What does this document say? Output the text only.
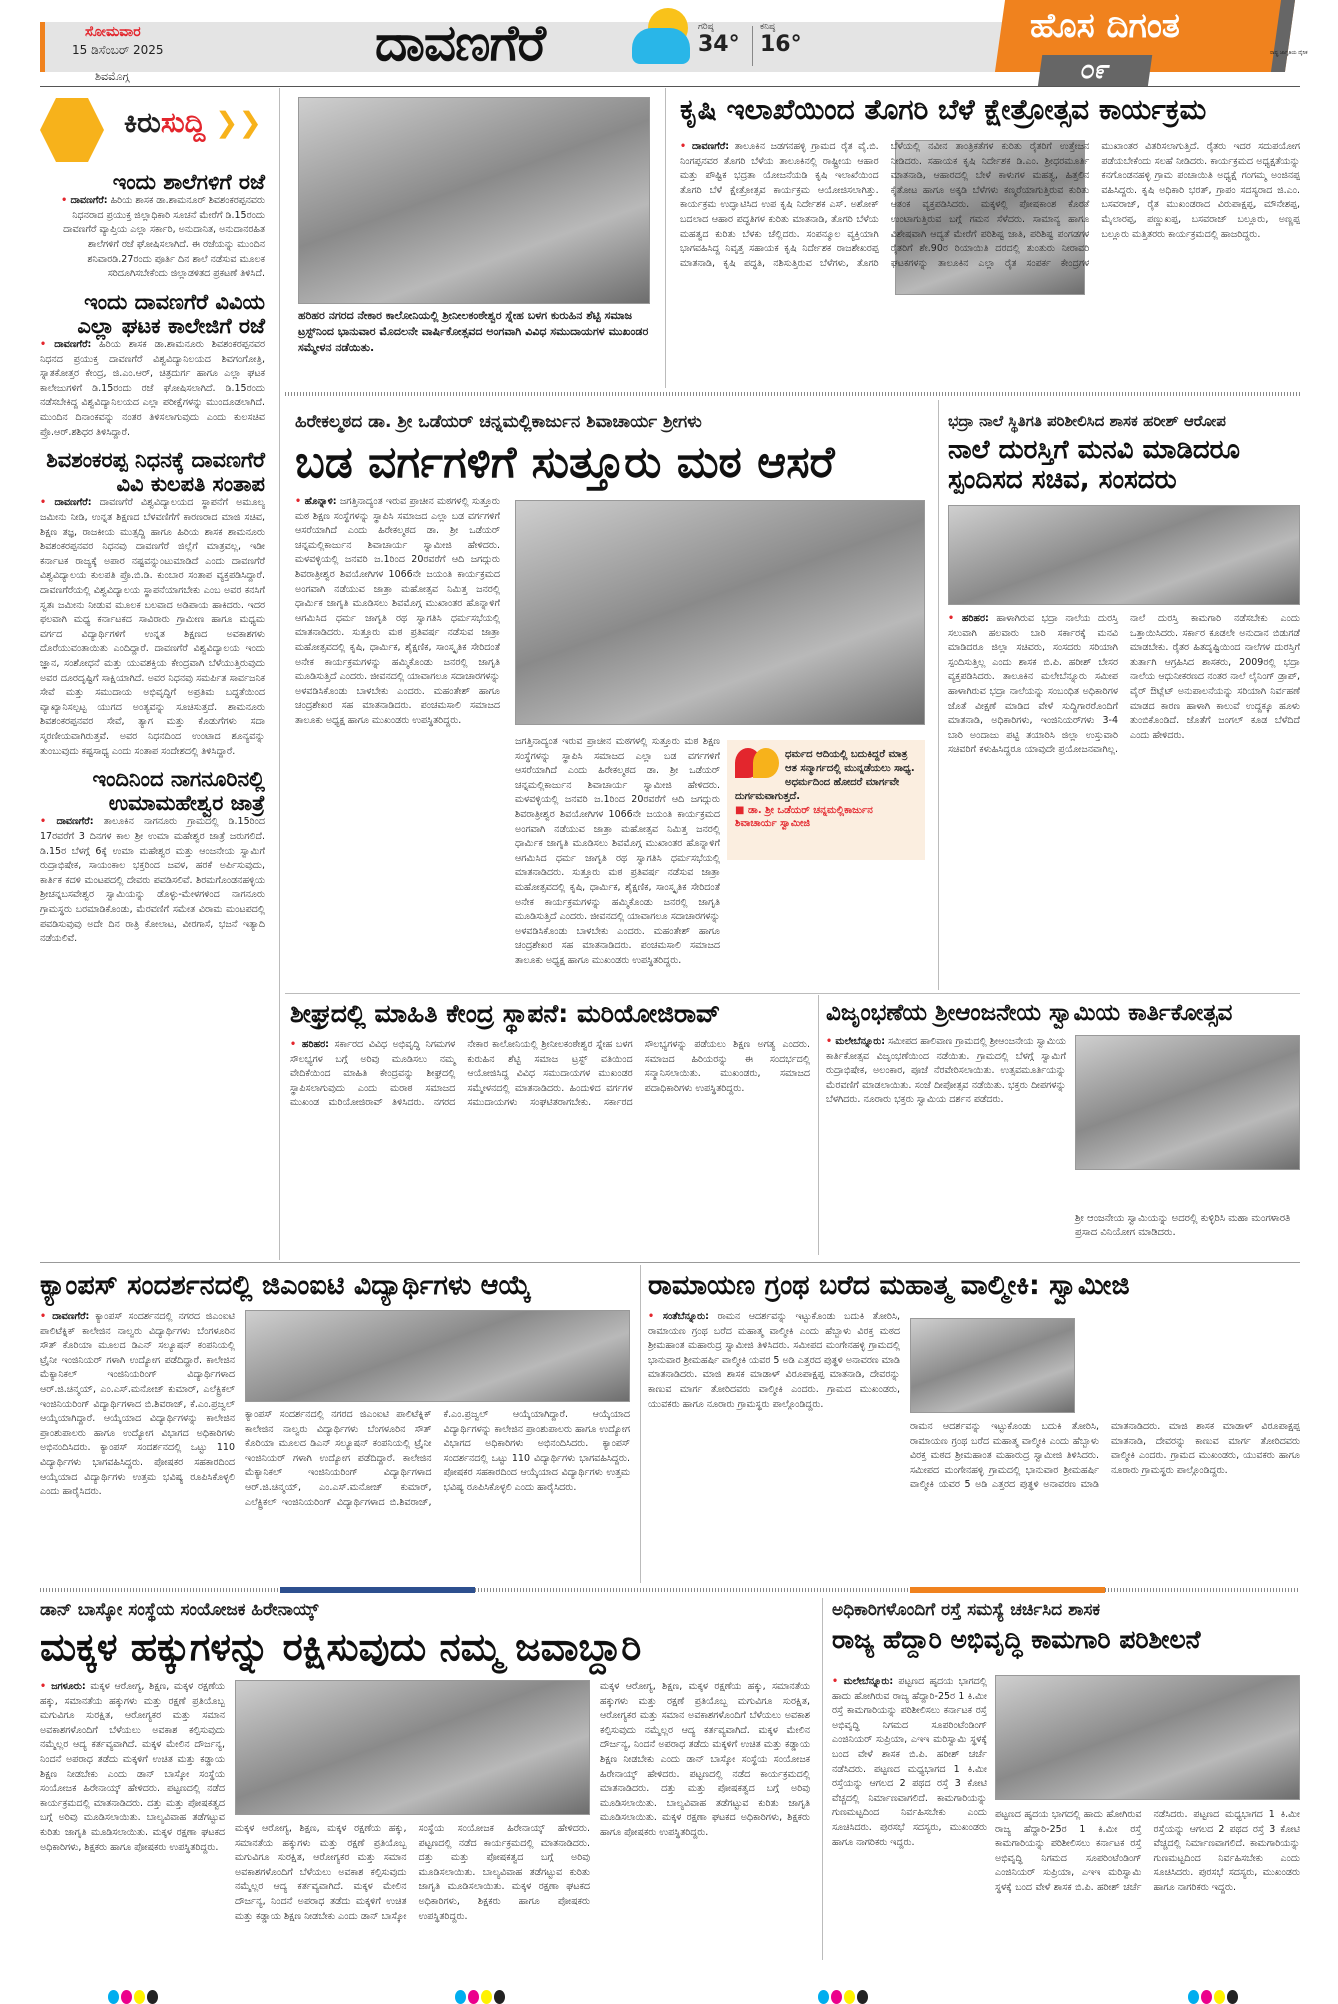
ಸೋಮವಾರ
15 ಡಿಸೆಂಬರ್ 2025
ಶಿವಮೊಗ್ಗ
ದಾವಣಗೆರೆ	ಗರಿಷ್ಠ
34°
ಕನಿಷ್ಠ
16°	ಹೊಸ ದಿಗಂತ
ರಾಷ್ಟ್ರ ಜಾಗೃತಿಯ ದೈನಿಕ
೦೯
ಕಿರುಸುದ್ದಿ ❯❯
ಇಂದು ಶಾಲೆಗಳಿಗೆ ರಜೆ
• ದಾವಣಗೆರೆ: ಹಿರಿಯ ಶಾಸಕ ಡಾ.ಶಾಮನೂರ್ ಶಿವಶಂಕರಪ್ಪನವರು ನಿಧನರಾದ ಪ್ರಯುಕ್ತ ಜಿಲ್ಲಾಧಿಕಾರಿ ಸೂಚನೆ ಮೇರೆಗೆ ಡಿ.15ರಂದು ದಾವಣಗೆರೆ ವ್ಯಾಪ್ತಿಯ ಎಲ್ಲಾ ಸರ್ಕಾರಿ, ಅನುದಾನಿತ, ಅನುದಾನರಹಿತ ಶಾಲೆಗಳಿಗೆ ರಜೆ ಘೋಷಿಸಲಾಗಿದೆ. ಈ ರಜೆಯನ್ನು ಮುಂದಿನ ಶನಿವಾರಡಿ.27ರಂದು ಪೂರ್ತಿ ದಿನ ಶಾಲೆ ನಡೆಸುವ ಮೂಲಕ ಸರಿದೂಗಿಸಬೇಕೆಂದು ಜಿಲ್ಲಾಡಳಿತದ ಪ್ರಕಟಣೆ ತಿಳಿಸಿದೆ.
ಇಂದು ದಾವಣಗೆರೆ ವಿವಿಯ ಎಲ್ಲಾ ಘಟಕ ಕಾಲೇಜಿಗೆ ರಜೆ
• ದಾವಣಗೆರೆ: ಹಿರಿಯ ಶಾಸಕ ಡಾ.ಶಾಮನೂರು ಶಿವಶಂಕರಪ್ಪನವರ ನಿಧನದ ಪ್ರಯುಕ್ತ ದಾವಣಗೆರೆ ವಿಶ್ವವಿದ್ಯಾನಿಲಯದ ಶಿವಗಂಗೋತ್ರಿ, ಸ್ನಾತಕೋತ್ತರ ಕೇಂದ್ರ, ಜಿ.ಎಂ.ಆರ್, ಚಿತ್ರದುರ್ಗ ಹಾಗೂ ಎಲ್ಲಾ ಘಟಕ ಕಾಲೇಜುಗಳಿಗೆ ಡಿ.15ರಂದು ರಜೆ ಘೋಷಿಸಲಾಗಿದೆ. ಡಿ.15ರಂದು ನಡೆಸಬೇಕಿದ್ದ ವಿಶ್ವವಿದ್ಯಾನಿಲಯದ ಎಲ್ಲಾ ಪರೀಕ್ಷೆಗಳನ್ನು ಮುಂದೂಡಲಾಗಿದೆ. ಮುಂದಿನ ದಿನಾಂಕವನ್ನು ನಂತರ ತಿಳಿಸಲಾಗುವುದು ಎಂದು ಕುಲಸಚಿವ ಪ್ರೊ.ಆರ್.ಶಶಿಧರ ತಿಳಿಸಿದ್ದಾರೆ.
ಶಿವಶಂಕರಪ್ಪ ನಿಧನಕ್ಕೆ ದಾವಣಗೆರೆ ವಿವಿ ಕುಲಪತಿ ಸಂತಾಪ
• ದಾವಣಗೆರೆ: ದಾವಣಗೆರೆ ವಿಶ್ವವಿದ್ಯಾಲಯದ ಸ್ಥಾಪನೆಗೆ ಅಮೂಲ್ಯ ಜಮೀನು ನೀಡಿ, ಉನ್ನತ ಶಿಕ್ಷಣದ ಬೆಳವಣಿಗೆಗೆ ಕಾರಣರಾದ ಮಾಜಿ ಸಚಿವ, ಶಿಕ್ಷಣ ತಜ್ಞ, ರಾಜಕೀಯ ಮುತ್ಸದ್ದಿ ಹಾಗೂ ಹಿರಿಯ ಶಾಸಕ ಶಾಮನೂರು ಶಿವಶಂಕರಪ್ಪನವರ ನಿಧನವು ದಾವಣಗೆರೆ ಜಿಲ್ಲೆಗೆ ಮಾತ್ರವಲ್ಲ, ಇಡೀ ಕರ್ನಾಟಕ ರಾಜ್ಯಕ್ಕೆ ಅಪಾರ ನಷ್ಟವನ್ನುಂಟುಮಾಡಿದೆ ಎಂದು ದಾವಣಗೆರೆ ವಿಶ್ವವಿದ್ಯಾಲಯ ಕುಲಪತಿ ಪ್ರೊ.ಬಿ.ಡಿ. ಕುಂಬಾರ ಸಂತಾಪ ವ್ಯಕ್ತಪಡಿಸಿದ್ದಾರೆ. ದಾವಣಗೆರೆಯಲ್ಲಿ ವಿಶ್ವವಿದ್ಯಾಲಯ ಸ್ಥಾಪನೆಯಾಗಬೇಕು ಎಂಬ ಅವರ ಕನಸಿಗೆ ಸ್ವತಃ ಜಮೀನು ನೀಡುವ ಮೂಲಕ ಬಲವಾದ ಅಡಿಪಾಯ ಹಾಕಿದರು. ಇದರ ಫಲವಾಗಿ ಮಧ್ಯ ಕರ್ನಾಟಕದ ಸಾವಿರಾರು ಗ್ರಾಮೀಣ ಹಾಗೂ ಮಧ್ಯಮ ವರ್ಗದ ವಿದ್ಯಾರ್ಥಿಗಳಿಗೆ ಉನ್ನತ ಶಿಕ್ಷಣದ ಅವಕಾಶಗಳು ದೊರೆಯುವಂತಾಯಿತು ಎಂದಿದ್ದಾರೆ. ದಾವಣಗೆರೆ ವಿಶ್ವವಿದ್ಯಾಲಯ ಇಂದು ಜ್ಞಾನ, ಸಂಶೋಧನೆ ಮತ್ತು ಯುವಶಕ್ತಿಯ ಕೇಂದ್ರವಾಗಿ ಬೆಳೆಯುತ್ತಿರುವುದು ಅವರ ದೂರದೃಷ್ಟಿಗೆ ಸಾಕ್ಷಿಯಾಗಿದೆ. ಅವರ ನಿಧನವು ಸಮರ್ಪಿತ ಸಾರ್ವಜನಿಕ ಸೇವೆ ಮತ್ತು ಸಮುದಾಯ ಅಭಿವೃದ್ಧಿಗೆ ಅಪ್ರತಿಮ ಬದ್ಧತೆಯಿಂದ ವ್ಯಾಖ್ಯಾನಿಸಲ್ಪಟ್ಟ ಯುಗದ ಅಂತ್ಯವನ್ನು ಸೂಚಿಸುತ್ತದೆ. ಶಾಮನೂರು ಶಿವಶಂಕರಪ್ಪನವರ ಸೇವೆ, ತ್ಯಾಗ ಮತ್ತು ಕೊಡುಗೆಗಳು ಸದಾ ಸ್ಮರಣೀಯವಾಗಿರುತ್ತವೆ. ಅವರ ನಿಧನದಿಂದ ಉಂಟಾದ ಶೂನ್ಯವನ್ನು ತುಂಬುವುದು ಕಷ್ಟಸಾಧ್ಯ ಎಂದು ಸಂತಾಪ ಸಂದೇಶದಲ್ಲಿ ತಿಳಿಸಿದ್ದಾರೆ.
ಇಂದಿನಿಂದ ನಾಗನೂರಿನಲ್ಲಿ ಉಮಾಮಹೇಶ್ವರ ಜಾತ್ರೆ
• ದಾವಣಗೆರೆ: ತಾಲೂಕಿನ ನಾಗನೂರು ಗ್ರಾಮದಲ್ಲಿ ಡಿ.15ರಿಂದ 17ರವರೆಗೆ 3 ದಿನಗಳ ಕಾಲ ಶ್ರೀ ಉಮಾ ಮಹೇಶ್ವರ ಜಾತ್ರೆ ಜರುಗಲಿದೆ. ಡಿ.15ರ ಬೆಳಗ್ಗೆ 6ಕ್ಕೆ ಉಮಾ ಮಹೇಶ್ವರ ಮತ್ತು ಆಂಜನೇಯ ಸ್ವಾಮಿಗೆ ರುದ್ರಾಭಿಷೇಕ, ಸಾಯಂಕಾಲ ಭಕ್ತರಿಂದ ಜವಳ, ಹರಕೆ ಅರ್ಪಿಸುವುದು, ಕಾರ್ತಿಕ ಕದಳಿ ಮಂಟಪದಲ್ಲಿ ದೇವರು ಪವಡಿಸಲಿವೆ. ಶಿರಮಗೊಂಡನಹಳ್ಳಿಯ ಶ್ರೀಚನ್ನಬಸವೇಶ್ವರ ಸ್ವಾಮಿಯನ್ನು ಡೊಳ್ಳು-ಮೇಳಗಳಿಂದ ನಾಗನೂರು ಗ್ರಾಮಸ್ಥರು ಬರಮಾಡಿಕೊಂಡು, ಮೆರವಣಿಗೆ ಸಮೇತ ವಿರಾಮ ಮಂಟಪದಲ್ಲಿ ಪವಡಿಸುವುವು ಅದೇ ದಿನ ರಾತ್ರಿ ಕೋಲಾಟ, ವೀರಗಾಸೆ, ಭಜನೆ ಇತ್ಯಾದಿ ನಡೆಯಲಿವೆ.
ಹರಿಹರ ನಗರದ ನೇಕಾರ ಕಾಲೋನಿಯಲ್ಲಿ ಶ್ರೀನೀಲಕಂಠೇಶ್ವರ ಸ್ನೇಹ ಬಳಗ ಕುರುಹಿನ ಶೆಟ್ಟಿ ಸಮಾಜ ಟ್ರಸ್ಟ್‌ನಿಂದ ಭಾನುವಾರ ಮೊದಲನೇ ವಾರ್ಷಿಕೋತ್ಸವದ ಅಂಗವಾಗಿ ವಿವಿಧ ಸಮುದಾಯಗಳ ಮುಖಂಡರ ಸಮ್ಮೇಳನ ನಡೆಯಿತು.
ಕೃಷಿ ಇಲಾಖೆಯಿಂದ ತೊಗರಿ ಬೆಳೆ ಕ್ಷೇತ್ರೋತ್ಸವ ಕಾರ್ಯಕ್ರಮ
• ದಾವಣಗೆರೆ: ತಾಲೂಕಿನ ಜಡಗನಹಳ್ಳಿ ಗ್ರಾಮದ ರೈತ ವೈ.ಬಿ. ನಿಂಗಪ್ಪನವರ ತೊಗರಿ ಬೆಳೆಯ ತಾಲೂಕಿನಲ್ಲಿ ರಾಷ್ಟ್ರೀಯ ಆಹಾರ ಮತ್ತು ಪೌಷ್ಟಿಕ ಭದ್ರತಾ ಯೋಜನೆಯಡಿ ಕೃಷಿ ಇಲಾಖೆಯಿಂದ ತೊಗರಿ ಬೆಳೆ ಕ್ಷೇತ್ರೋತ್ಸವ ಕಾರ್ಯಕ್ರಮ ಆಯೋಜಿಸಲಾಗಿತ್ತು. ಕಾರ್ಯಕ್ರಮ ಉದ್ಘಾಟಿಸಿದ ಉಪ ಕೃಷಿ ನಿರ್ದೇಶಕ ಎಸ್. ಅಶೋಕ್ ಬದಲಾದ ಆಹಾರ ಪದ್ಧತಿಗಳ ಕುರಿತು ಮಾತನಾಡಿ, ತೊಗರಿ ಬೆಳೆಯ ಮಹತ್ವದ ಕುರಿತು ಬೆಳಕು ಚೆಲ್ಲಿದರು. ಸಂಪನ್ಮೂಲ ವ್ಯಕ್ತಿಯಾಗಿ ಭಾಗವಹಿಸಿದ್ದ ನಿವೃತ್ತ ಸಹಾಯಕ ಕೃಷಿ ನಿರ್ದೇಶಕ ರಾಜಶೇಖರಪ್ಪ ಮಾತನಾಡಿ, ಕೃಷಿ ಪದ್ಧತಿ, ನಶಿಸುತ್ತಿರುವ ಬೆಳೆಗಳು, ತೊಗರಿ ಬೆಳೆಯಲ್ಲಿ ನವೀನ ತಾಂತ್ರಿಕತೆಗಳ ಕುರಿತು ರೈತರಿಗೆ ಉತ್ತೇಜನ ನೀಡಿದರು. ಸಹಾಯಕ ಕೃಷಿ ನಿರ್ದೇಶಕ ಡಿ.ಎಂ. ಶ್ರೀಧರಮೂರ್ತಿ ಮಾತನಾಡಿ, ಆಹಾರದಲ್ಲಿ ಬೇಳೆ ಕಾಳುಗಳ ಮಹತ್ವ, ಹಿತ್ತಲಿನ ಕೈತೋಟ ಹಾಗೂ ಅಕ್ಕಡಿ ಬೆಳೆಗಳು ಕಣ್ಮರೆಯಾಗುತ್ತಿರುವ ಕುರಿತು ಆತಂಕ ವ್ಯಕ್ತಪಡಿಸಿದರು. ಮಕ್ಕಳಲ್ಲಿ ಪೋಷಕಾಂಶ ಕೊರತೆ ಉಂಟಾಗುತ್ತಿರುವ ಬಗ್ಗೆ ಗಮನ ಸೆಳೆದರು. ಸಾಮಾನ್ಯ ಹಾಗೂ ವಿಶೇಷವಾಗಿ ಆದ್ಯತೆ ಮೇರೆಗೆ ಪರಿಶಿಷ್ಟ ಜಾತಿ, ಪರಿಶಿಷ್ಟ ಪಂಗಡಗಳ ರೈತರಿಗೆ ಶೇ.90ರ ರಿಯಾಯಿತಿ ದರದಲ್ಲಿ ತುಂತುರು ನೀರಾವರಿ ಘಟಕಗಳನ್ನು ತಾಲೂಕಿನ ಎಲ್ಲಾ ರೈತ ಸಂಪರ್ಕ ಕೇಂದ್ರಗಳ ಮುಖಾಂತರ ವಿತರಿಸಲಾಗುತ್ತಿದೆ. ರೈತರು ಇದರ ಸದುಪಯೋಗ ಪಡೆಯಬೇಕೆಂದು ಸಲಹೆ ನೀಡಿದರು. ಕಾರ್ಯಕ್ರಮದ ಅಧ್ಯಕ್ಷತೆಯನ್ನು ಕನಗೊಂಡನಹಳ್ಳಿ ಗ್ರಾಮ ಪಂಚಾಯಿತಿ ಅಧ್ಯಕ್ಷೆ ಗಂಗಮ್ಮ ಅಂಜಿನಪ್ಪ ವಹಿಸಿದ್ದರು. ಕೃಷಿ ಅಧಿಕಾರಿ ಭರತ್, ಗ್ರಾಪಂ ಸದಸ್ಯರಾದ ಜಿ.ಎಂ. ಬಸವರಾಜ್, ರೈತ ಮುಖಂಡರಾದ ವಿರುಪಾಕ್ಷಪ್ಪ, ಮೌನೇಶಪ್ಪ, ಮೈಲಾರಪ್ಪ, ಪಣ್ಣುಖಪ್ಪ, ಬಸವರಾಜ್ ಬಲ್ಲೂರು, ಅಣ್ಣಪ್ಪ ಬಲ್ಲೂರು ಮತ್ತಿತರರು ಕಾರ್ಯಕ್ರಮದಲ್ಲಿ ಹಾಜರಿದ್ದರು.
ಹಿರೇಕಲ್ಮಠದ ಡಾ. ಶ್ರೀ ಒಡೆಯರ್ ಚನ್ನಮಲ್ಲಿಕಾರ್ಜುನ ಶಿವಾಚಾರ್ಯ ಶ್ರೀಗಳು
ಬಡ ವರ್ಗಗಳಿಗೆ ಸುತ್ತೂರು ಮಠ ಆಸರೆ
• ಹೊನ್ನಾಳಿ: ಜಗತ್ತಿನಾದ್ಯಂತ ಇರುವ ಪ್ರಾಚೀನ ಮಠಗಳಲ್ಲಿ ಸುತ್ತೂರು ಮಠ ಶಿಕ್ಷಣ ಸಂಸ್ಥೆಗಳನ್ನು ಸ್ಥಾಪಿಸಿ ಸಮಾಜದ ಎಲ್ಲಾ ಬಡ ವರ್ಗಗಳಿಗೆ ಆಸರೆಯಾಗಿದೆ ಎಂದು ಹಿರೇಕಲ್ಮಠದ ಡಾ. ಶ್ರೀ ಒಡೆಯರ್ ಚನ್ನಮಲ್ಲಿಕಾರ್ಜುನ ಶಿವಾಚಾರ್ಯ ಸ್ವಾಮೀಜಿ ಹೇಳಿದರು. ಮಳವಳ್ಳಿಯಲ್ಲಿ ಜನವರಿ ಜ.1ರಿಂದ 20ರವರೆಗೆ ಆದಿ ಜಗದ್ಗುರು ಶಿವರಾತ್ರೀಶ್ವರ ಶಿವಯೋಗಿಗಳ 1066ನೇ ಜಯಂತಿ ಕಾರ್ಯಕ್ರಮದ ಅಂಗವಾಗಿ ನಡೆಯುವ ಜಾತ್ರಾ ಮಹೋತ್ಸವ ನಿಮಿತ್ತ ಜನರಲ್ಲಿ ಧಾರ್ಮಿಕ ಜಾಗೃತಿ ಮೂಡಿಸಲು ಶಿವಮೊಗ್ಗ ಮುಖಾಂತರ ಹೊನ್ನಾಳಿಗೆ ಆಗಮಿಸಿದ ಧರ್ಮ ಜಾಗೃತಿ ರಥ ಸ್ವಾಗತಿಸಿ ಧರ್ಮಸಭೆಯಲ್ಲಿ ಮಾತನಾಡಿದರು. ಸುತ್ತೂರು ಮಠ ಪ್ರತಿವರ್ಷ ನಡೆಸುವ ಜಾತ್ರಾ ಮಹೋತ್ಸವದಲ್ಲಿ ಕೃಷಿ, ಧಾರ್ಮಿಕ, ಶೈಕ್ಷಣಿಕ, ಸಾಂಸ್ಕೃತಿಕ ಸೇರಿದಂತೆ ಅನೇಕ ಕಾರ್ಯಕ್ರಮಗಳನ್ನು ಹಮ್ಮಿಕೊಂಡು ಜನರಲ್ಲಿ ಜಾಗೃತಿ ಮೂಡಿಸುತ್ತಿದೆ ಎಂದರು. ಜೀವನದಲ್ಲಿ ಯಾವಾಗಲೂ ಸದಾಚಾರಗಳನ್ನು ಅಳವಡಿಸಿಕೊಂಡು ಬಾಳಬೇಕು ಎಂದರು. ಮಹಂತೇಶ್ ಹಾಗೂ ಚಂದ್ರಶೇಖರ ಸಹ ಮಾತನಾಡಿದರು. ಪಂಚಮಸಾಲಿ ಸಮಾಜದ ತಾಲೂಕು ಅಧ್ಯಕ್ಷ ಹಾಗೂ ಮುಖಂಡರು ಉಪಸ್ಥಿತರಿದ್ದರು.
ಜಗತ್ತಿನಾದ್ಯಂತ ಇರುವ ಪ್ರಾಚೀನ ಮಠಗಳಲ್ಲಿ ಸುತ್ತೂರು ಮಠ ಶಿಕ್ಷಣ ಸಂಸ್ಥೆಗಳನ್ನು ಸ್ಥಾಪಿಸಿ ಸಮಾಜದ ಎಲ್ಲಾ ಬಡ ವರ್ಗಗಳಿಗೆ ಆಸರೆಯಾಗಿದೆ ಎಂದು ಹಿರೇಕಲ್ಮಠದ ಡಾ. ಶ್ರೀ ಒಡೆಯರ್ ಚನ್ನಮಲ್ಲಿಕಾರ್ಜುನ ಶಿವಾಚಾರ್ಯ ಸ್ವಾಮೀಜಿ ಹೇಳಿದರು. ಮಳವಳ್ಳಿಯಲ್ಲಿ ಜನವರಿ ಜ.1ರಿಂದ 20ರವರೆಗೆ ಆದಿ ಜಗದ್ಗುರು ಶಿವರಾತ್ರೀಶ್ವರ ಶಿವಯೋಗಿಗಳ 1066ನೇ ಜಯಂತಿ ಕಾರ್ಯಕ್ರಮದ ಅಂಗವಾಗಿ ನಡೆಯುವ ಜಾತ್ರಾ ಮಹೋತ್ಸವ ನಿಮಿತ್ತ ಜನರಲ್ಲಿ ಧಾರ್ಮಿಕ ಜಾಗೃತಿ ಮೂಡಿಸಲು ಶಿವಮೊಗ್ಗ ಮುಖಾಂತರ ಹೊನ್ನಾಳಿಗೆ ಆಗಮಿಸಿದ ಧರ್ಮ ಜಾಗೃತಿ ರಥ ಸ್ವಾಗತಿಸಿ ಧರ್ಮಸಭೆಯಲ್ಲಿ ಮಾತನಾಡಿದರು. ಸುತ್ತೂರು ಮಠ ಪ್ರತಿವರ್ಷ ನಡೆಸುವ ಜಾತ್ರಾ ಮಹೋತ್ಸವದಲ್ಲಿ ಕೃಷಿ, ಧಾರ್ಮಿಕ, ಶೈಕ್ಷಣಿಕ, ಸಾಂಸ್ಕೃತಿಕ ಸೇರಿದಂತೆ ಅನೇಕ ಕಾರ್ಯಕ್ರಮಗಳನ್ನು ಹಮ್ಮಿಕೊಂಡು ಜನರಲ್ಲಿ ಜಾಗೃತಿ ಮೂಡಿಸುತ್ತಿದೆ ಎಂದರು. ಜೀವನದಲ್ಲಿ ಯಾವಾಗಲೂ ಸದಾಚಾರಗಳನ್ನು ಅಳವಡಿಸಿಕೊಂಡು ಬಾಳಬೇಕು ಎಂದರು. ಮಹಂತೇಶ್ ಹಾಗೂ ಚಂದ್ರಶೇಖರ ಸಹ ಮಾತನಾಡಿದರು. ಪಂಚಮಸಾಲಿ ಸಮಾಜದ ತಾಲೂಕು ಅಧ್ಯಕ್ಷ ಹಾಗೂ ಮುಖಂಡರು ಉಪಸ್ಥಿತರಿದ್ದರು.
ಧರ್ಮದ ಆದಿಯಲ್ಲಿ ಬದುಕಿದ್ದರೆ ಮಾತ್ರ ಆತ ಸನ್ಮಾರ್ಗದಲ್ಲಿ ಮುನ್ನಡೆಯಲು ಸಾಧ್ಯ. ಅಧರ್ಮದಿಂದ ಹೋದರೆ ಮಾರ್ಗವೇ ದುರ್ಗಮವಾಗುತ್ತದೆ.
■ ಡಾ. ಶ್ರೀ ಒಡೆಯರ್ ಚನ್ನಮಲ್ಲಿಕಾರ್ಜುನ ಶಿವಾಚಾರ್ಯ ಸ್ವಾಮೀಜಿ
ಭದ್ರಾ ನಾಲೆ ಸ್ಥಿತಿಗತಿ ಪರಿಶೀಲಿಸಿದ ಶಾಸಕ ಹರೀಶ್ ಆರೋಪ
ನಾಲೆ ದುರಸ್ತಿಗೆ ಮನವಿ ಮಾಡಿದರೂ ಸ್ಪಂದಿಸದ ಸಚಿವ, ಸಂಸದರು
• ಹರಿಹರ: ಹಾಳಾಗಿರುವ ಭದ್ರಾ ನಾಲೆಯ ದುರಸ್ತಿ ಸಲುವಾಗಿ ಹಲವಾರು ಬಾರಿ ಸರ್ಕಾರಕ್ಕೆ ಮನವಿ ಮಾಡಿದರೂ ಜಿಲ್ಲಾ ಸಚಿವರು, ಸಂಸದರು ಸರಿಯಾಗಿ ಸ್ಪಂದಿಸುತ್ತಿಲ್ಲ ಎಂದು ಶಾಸಕ ಬಿ.ಪಿ. ಹರೀಶ್ ಬೇಸರ ವ್ಯಕ್ತಪಡಿಸಿದರು. ತಾಲೂಕಿನ ಮಲೇಬೆನ್ನೂರು ಸಮೀಪ ಹಾಳಾಗಿರುವ ಭದ್ರಾ ನಾಲೆಯನ್ನು ಸಂಬಂಧಿತ ಅಧಿಕಾರಿಗಳ ಜೊತೆ ವೀಕ್ಷಣೆ ಮಾಡಿದ ವೇಳೆ ಸುದ್ದಿಗಾರರೊಂದಿಗೆ ಮಾತನಾಡಿ, ಅಧಿಕಾರಿಗಳು, ಇಂಜಿನಿಯರ್‌ಗಳು 3-4 ಬಾರಿ ಅಂದಾಜು ಪಟ್ಟಿ ತಯಾರಿಸಿ ಜಿಲ್ಲಾ ಉಸ್ತುವಾರಿ ಸಚಿವರಿಗೆ ಕಳುಹಿಸಿದ್ದರೂ ಯಾವುದೇ ಪ್ರಯೋಜನವಾಗಿಲ್ಲ. ನಾಲೆ ದುರಸ್ತಿ ಕಾಮಗಾರಿ ನಡೆಸಬೇಕು ಎಂದು ಒತ್ತಾಯಿಸಿದರು. ಸರ್ಕಾರ ಕೂಡಲೇ ಅನುದಾನ ಬಿಡುಗಡೆ ಮಾಡಬೇಕು. ರೈತರ ಹಿತದೃಷ್ಟಿಯಿಂದ ನಾಲೆಗಳ ದುರಸ್ತಿಗೆ ತುರ್ತಾಗಿ ಆಗ್ರಹಿಸಿದ ಶಾಸಕರು, 2009ರಲ್ಲಿ ಭದ್ರಾ ನಾಲೆಯ ಆಧುನೀಕರಣದ ನಂತರ ನಾಲೆ ಲೈನಿಂಗ್ ಡ್ರಾಪ್, ವೈರ್ ಔಟ್ಲೆಟ್ ಅನುಪಾಲನೆಯನ್ನು ಸರಿಯಾಗಿ ನಿರ್ವಹಣೆ ಮಾಡದ ಕಾರಣ ಹಾಳಾಗಿ ಕಾಲುವೆ ಉದ್ದಕ್ಕೂ ಹೂಳು ತುಂಬಿಕೊಂಡಿದೆ. ಜೊತೆಗೆ ಜಂಗಲ್ ಕೂಡ ಬೆಳೆದಿದೆ ಎಂದು ಹೇಳಿದರು.
ಶೀಘ್ರದಲ್ಲಿ ಮಾಹಿತಿ ಕೇಂದ್ರ ಸ್ಥಾಪನೆ: ಮರಿಯೋಜಿರಾವ್
• ಹರಿಹರ: ಸರ್ಕಾರದ ವಿವಿಧ ಅಭಿವೃದ್ಧಿ ನಿಗಮಗಳ ಸೌಲಭ್ಯಗಳ ಬಗ್ಗೆ ಅರಿವು ಮೂಡಿಸಲು ನಮ್ಮ ವೇದಿಕೆಯಿಂದ ಮಾಹಿತಿ ಕೇಂದ್ರವನ್ನು ಶೀಘ್ರದಲ್ಲಿ ಸ್ಥಾಪಿಸಲಾಗುವುದು ಎಂದು ಮರಾಠ ಸಮಾಜದ ಮುಖಂಡ ಮರಿಯೋಜಿರಾವ್ ತಿಳಿಸಿದರು. ನಗರದ ನೇಕಾರ ಕಾಲೋನಿಯಲ್ಲಿ ಶ್ರೀನೀಲಕಂಠೇಶ್ವರ ಸ್ನೇಹ ಬಳಗ ಕುರುಹಿನ ಶೆಟ್ಟಿ ಸಮಾಜ ಟ್ರಸ್ಟ್ ವತಿಯಿಂದ ಆಯೋಜಿಸಿದ್ದ ವಿವಿಧ ಸಮುದಾಯಗಳ ಮುಖಂಡರ ಸಮ್ಮೇಳನದಲ್ಲಿ ಮಾತನಾಡಿದರು. ಹಿಂದುಳಿದ ವರ್ಗಗಳ ಸಮುದಾಯಗಳು ಸಂಘಟಿತರಾಗಬೇಕು. ಸರ್ಕಾರದ ಸೌಲಭ್ಯಗಳನ್ನು ಪಡೆಯಲು ಶಿಕ್ಷಣ ಅಗತ್ಯ ಎಂದರು. ಸಮಾಜದ ಹಿರಿಯರನ್ನು ಈ ಸಂದರ್ಭದಲ್ಲಿ ಸನ್ಮಾನಿಸಲಾಯಿತು. ಮುಖಂಡರು, ಸಮಾಜದ ಪದಾಧಿಕಾರಿಗಳು ಉಪಸ್ಥಿತರಿದ್ದರು.
ವಿಜೃಂಭಣೆಯ ಶ್ರೀಆಂಜನೇಯ ಸ್ವಾಮಿಯ ಕಾರ್ತಿಕೋತ್ಸವ
• ಮಲೇಬೆನ್ನೂರು: ಸಮೀಪದ ಹಾಲಿವಾಣ ಗ್ರಾಮದಲ್ಲಿ ಶ್ರೀಆಂಜನೇಯ ಸ್ವಾಮಿಯ ಕಾರ್ತಿಕೋತ್ಸವ ವಿಜೃಂಭಣೆಯಿಂದ ನಡೆಯಿತು. ಗ್ರಾಮದಲ್ಲಿ ಬೆಳಗ್ಗೆ ಸ್ವಾಮಿಗೆ ರುದ್ರಾಭಿಷೇಕ, ಅಲಂಕಾರ, ಪೂಜೆ ನೆರವೇರಿಸಲಾಯಿತು. ಉತ್ಸವಮೂರ್ತಿಯನ್ನು ಮೆರವಣಿಗೆ ಮಾಡಲಾಯಿತು. ಸಂಜೆ ದೀಪೋತ್ಸವ ನಡೆಯಿತು. ಭಕ್ತರು ದೀಪಗಳನ್ನು ಬೆಳಗಿದರು. ನೂರಾರು ಭಕ್ತರು ಸ್ವಾಮಿಯ ದರ್ಶನ ಪಡೆದರು.
ಶ್ರೀ ಆಂಜನೇಯ ಸ್ವಾಮಿಯನ್ನು ಅದರಲ್ಲಿ ಕುಳ್ಳಿರಿಸಿ ಮಹಾ ಮಂಗಳಾರತಿ ಪ್ರಸಾದ ವಿನಿಯೋಗ ಮಾಡಿದರು.
ಕ್ಯಾಂಪಸ್ ಸಂದರ್ಶನದಲ್ಲಿ ಜಿಎಂಐಟಿ ವಿದ್ಯಾರ್ಥಿಗಳು ಆಯ್ಕೆ
• ದಾವಣಗೆರೆ: ಕ್ಯಾಂಪಸ್ ಸಂದರ್ಶನದಲ್ಲಿ ನಗರದ ಜಿಎಂಐಟಿ ಪಾಲಿಟೆಕ್ನಿಕ್ ಕಾಲೇಜಿನ ನಾಲ್ವರು ವಿದ್ಯಾರ್ಥಿಗಳು ಬೆಂಗಳೂರಿನ ಸೌತ್ ಕೊರಿಯಾ ಮೂಲದ ಡಿಎನ್ ಸಲ್ಯೂಷನ್ ಕಂಪನಿಯಲ್ಲಿ ಟ್ರೈನೀ ಇಂಜಿನಿಯರ್ ಗಳಾಗಿ ಉದ್ಯೋಗ ಪಡೆದಿದ್ದಾರೆ. ಕಾಲೇಜಿನ ಮೆಕ್ಯಾನಿಕಲ್ ಇಂಜಿನಿಯರಿಂಗ್ ವಿದ್ಯಾರ್ಥಿಗಳಾದ ಆರ್.ಜಿ.ಚಿನ್ಮಯ್, ಎಂ.ಎಸ್.ಮನೋಜ್ ಕುಮಾರ್, ಎಲೆಕ್ಟ್ರಿಕಲ್ ಇಂಜಿನಿಯರಿಂಗ್ ವಿದ್ಯಾರ್ಥಿಗಳಾದ ಬಿ.ಶಿವರಾಜ್, ಕೆ.ಎಂ.ಪ್ರಜ್ವಲ್ ಆಯ್ಕೆಯಾಗಿದ್ದಾರೆ. ಆಯ್ಕೆಯಾದ ವಿದ್ಯಾರ್ಥಿಗಳನ್ನು ಕಾಲೇಜಿನ ಪ್ರಾಂಶುಪಾಲರು ಹಾಗೂ ಉದ್ಯೋಗ ವಿಭಾಗದ ಅಧಿಕಾರಿಗಳು ಅಭಿನಂದಿಸಿದರು. ಕ್ಯಾಂಪಸ್ ಸಂದರ್ಶನದಲ್ಲಿ ಒಟ್ಟು 110 ವಿದ್ಯಾರ್ಥಿಗಳು ಭಾಗವಹಿಸಿದ್ದರು. ಪೋಷಕರ ಸಹಕಾರದಿಂದ ಆಯ್ಕೆಯಾದ ವಿದ್ಯಾರ್ಥಿಗಳು ಉತ್ತಮ ಭವಿಷ್ಯ ರೂಪಿಸಿಕೊಳ್ಳಲಿ ಎಂದು ಹಾರೈಸಿದರು.
ಕ್ಯಾಂಪಸ್ ಸಂದರ್ಶನದಲ್ಲಿ ನಗರದ ಜಿಎಂಐಟಿ ಪಾಲಿಟೆಕ್ನಿಕ್ ಕಾಲೇಜಿನ ನಾಲ್ವರು ವಿದ್ಯಾರ್ಥಿಗಳು ಬೆಂಗಳೂರಿನ ಸೌತ್ ಕೊರಿಯಾ ಮೂಲದ ಡಿಎನ್ ಸಲ್ಯೂಷನ್ ಕಂಪನಿಯಲ್ಲಿ ಟ್ರೈನೀ ಇಂಜಿನಿಯರ್ ಗಳಾಗಿ ಉದ್ಯೋಗ ಪಡೆದಿದ್ದಾರೆ. ಕಾಲೇಜಿನ ಮೆಕ್ಯಾನಿಕಲ್ ಇಂಜಿನಿಯರಿಂಗ್ ವಿದ್ಯಾರ್ಥಿಗಳಾದ ಆರ್.ಜಿ.ಚಿನ್ಮಯ್, ಎಂ.ಎಸ್.ಮನೋಜ್ ಕುಮಾರ್, ಎಲೆಕ್ಟ್ರಿಕಲ್ ಇಂಜಿನಿಯರಿಂಗ್ ವಿದ್ಯಾರ್ಥಿಗಳಾದ ಬಿ.ಶಿವರಾಜ್, ಕೆ.ಎಂ.ಪ್ರಜ್ವಲ್ ಆಯ್ಕೆಯಾಗಿದ್ದಾರೆ. ಆಯ್ಕೆಯಾದ ವಿದ್ಯಾರ್ಥಿಗಳನ್ನು ಕಾಲೇಜಿನ ಪ್ರಾಂಶುಪಾಲರು ಹಾಗೂ ಉದ್ಯೋಗ ವಿಭಾಗದ ಅಧಿಕಾರಿಗಳು ಅಭಿನಂದಿಸಿದರು. ಕ್ಯಾಂಪಸ್ ಸಂದರ್ಶನದಲ್ಲಿ ಒಟ್ಟು 110 ವಿದ್ಯಾರ್ಥಿಗಳು ಭಾಗವಹಿಸಿದ್ದರು. ಪೋಷಕರ ಸಹಕಾರದಿಂದ ಆಯ್ಕೆಯಾದ ವಿದ್ಯಾರ್ಥಿಗಳು ಉತ್ತಮ ಭವಿಷ್ಯ ರೂಪಿಸಿಕೊಳ್ಳಲಿ ಎಂದು ಹಾರೈಸಿದರು.
ರಾಮಾಯಣ ಗ್ರಂಥ ಬರೆದ ಮಹಾತ್ಮ ವಾಲ್ಮೀಕಿ: ಸ್ವಾಮೀಜಿ
• ಸಂತೆಬೆನ್ನೂರು: ರಾಮನ ಆದರ್ಶವನ್ನು ಇಟ್ಟುಕೊಂಡು ಬದುಕಿ ತೋರಿಸಿ, ರಾಮಾಯಣ ಗ್ರಂಥ ಬರೆದ ಮಹಾತ್ಮ ವಾಲ್ಮೀಕಿ ಎಂದು ಹೆಬ್ಬಾಳು ವಿರಕ್ತ ಮಠದ ಶ್ರೀಮಹಾಂತ ಮಹಾರುದ್ರ ಸ್ವಾಮೀಜಿ ತಿಳಿಸಿದರು. ಸಮೀಪದ ಮಂಗೇನಹಳ್ಳಿ ಗ್ರಾಮದಲ್ಲಿ ಭಾನುವಾರ ಶ್ರೀಮಹರ್ಷಿ ವಾಲ್ಮೀಕಿ ಯವರ 5 ಅಡಿ ಎತ್ತರದ ಪುತ್ಥಳಿ ಅನಾವರಣ ಮಾಡಿ ಮಾತನಾಡಿದರು. ಮಾಜಿ ಶಾಸಕ ಮಾಡಾಳ್ ವಿರೂಪಾಕ್ಷಪ್ಪ ಮಾತನಾಡಿ, ದೇವರನ್ನು ಕಾಣುವ ಮಾರ್ಗ ತೋರಿದವರು ವಾಲ್ಮೀಕಿ ಎಂದರು. ಗ್ರಾಮದ ಮುಖಂಡರು, ಯುವಕರು ಹಾಗೂ ನೂರಾರು ಗ್ರಾಮಸ್ಥರು ಪಾಲ್ಗೊಂಡಿದ್ದರು.
ರಾಮನ ಆದರ್ಶವನ್ನು ಇಟ್ಟುಕೊಂಡು ಬದುಕಿ ತೋರಿಸಿ, ರಾಮಾಯಣ ಗ್ರಂಥ ಬರೆದ ಮಹಾತ್ಮ ವಾಲ್ಮೀಕಿ ಎಂದು ಹೆಬ್ಬಾಳು ವಿರಕ್ತ ಮಠದ ಶ್ರೀಮಹಾಂತ ಮಹಾರುದ್ರ ಸ್ವಾಮೀಜಿ ತಿಳಿಸಿದರು. ಸಮೀಪದ ಮಂಗೇನಹಳ್ಳಿ ಗ್ರಾಮದಲ್ಲಿ ಭಾನುವಾರ ಶ್ರೀಮಹರ್ಷಿ ವಾಲ್ಮೀಕಿ ಯವರ 5 ಅಡಿ ಎತ್ತರದ ಪುತ್ಥಳಿ ಅನಾವರಣ ಮಾಡಿ ಮಾತನಾಡಿದರು. ಮಾಜಿ ಶಾಸಕ ಮಾಡಾಳ್ ವಿರೂಪಾಕ್ಷಪ್ಪ ಮಾತನಾಡಿ, ದೇವರನ್ನು ಕಾಣುವ ಮಾರ್ಗ ತೋರಿದವರು ವಾಲ್ಮೀಕಿ ಎಂದರು. ಗ್ರಾಮದ ಮುಖಂಡರು, ಯುವಕರು ಹಾಗೂ ನೂರಾರು ಗ್ರಾಮಸ್ಥರು ಪಾಲ್ಗೊಂಡಿದ್ದರು.
ಡಾನ್ ಬಾಸ್ಕೋ ಸಂಸ್ಥೆಯ ಸಂಯೋಜಕ ಹಿರೇನಾಯ್ಕ್
ಮಕ್ಕಳ ಹಕ್ಕುಗಳನ್ನು ರಕ್ಷಿಸುವುದು ನಮ್ಮ ಜವಾಬ್ದಾರಿ
• ಜಗಳೂರು: ಮಕ್ಕಳ ಆರೋಗ್ಯ, ಶಿಕ್ಷಣ, ಮಕ್ಕಳ ರಕ್ಷಣೆಯ ಹಕ್ಕು, ಸಮಾನತೆಯ ಹಕ್ಕುಗಳು ಮತ್ತು ರಕ್ಷಣೆ ಪ್ರತಿಯೊಬ್ಬ ಮಗುವಿಗೂ ಸುರಕ್ಷಿತ, ಆರೋಗ್ಯಕರ ಮತ್ತು ಸಮಾನ ಅವಕಾಶಗಳೊಂದಿಗೆ ಬೆಳೆಯಲು ಅವಕಾಶ ಕಲ್ಪಿಸುವುದು ನಮ್ಮೆಲ್ಲರ ಆದ್ಯ ಕರ್ತವ್ಯವಾಗಿದೆ. ಮಕ್ಕಳ ಮೇಲಿನ ದೌರ್ಜನ್ಯ, ನಿಂದನೆ ಅಪರಾಧ ತಡೆದು ಮಕ್ಕಳಿಗೆ ಉಚಿತ ಮತ್ತು ಕಡ್ಡಾಯ ಶಿಕ್ಷಣ ನೀಡಬೇಕು ಎಂದು ಡಾನ್ ಬಾಸ್ಕೋ ಸಂಸ್ಥೆಯ ಸಂಯೋಜಕ ಹಿರೇನಾಯ್ಕ್ ಹೇಳಿದರು. ಪಟ್ಟಣದಲ್ಲಿ ನಡೆದ ಕಾರ್ಯಕ್ರಮದಲ್ಲಿ ಮಾತನಾಡಿದರು. ದತ್ತು ಮತ್ತು ಪೋಷಕತ್ವದ ಬಗ್ಗೆ ಅರಿವು ಮೂಡಿಸಲಾಯಿತು. ಬಾಲ್ಯವಿವಾಹ ತಡೆಗಟ್ಟುವ ಕುರಿತು ಜಾಗೃತಿ ಮೂಡಿಸಲಾಯಿತು. ಮಕ್ಕಳ ರಕ್ಷಣಾ ಘಟಕದ ಅಧಿಕಾರಿಗಳು, ಶಿಕ್ಷಕರು ಹಾಗೂ ಪೋಷಕರು ಉಪಸ್ಥಿತರಿದ್ದರು.
ಮಕ್ಕಳ ಆರೋಗ್ಯ, ಶಿಕ್ಷಣ, ಮಕ್ಕಳ ರಕ್ಷಣೆಯ ಹಕ್ಕು, ಸಮಾನತೆಯ ಹಕ್ಕುಗಳು ಮತ್ತು ರಕ್ಷಣೆ ಪ್ರತಿಯೊಬ್ಬ ಮಗುವಿಗೂ ಸುರಕ್ಷಿತ, ಆರೋಗ್ಯಕರ ಮತ್ತು ಸಮಾನ ಅವಕಾಶಗಳೊಂದಿಗೆ ಬೆಳೆಯಲು ಅವಕಾಶ ಕಲ್ಪಿಸುವುದು ನಮ್ಮೆಲ್ಲರ ಆದ್ಯ ಕರ್ತವ್ಯವಾಗಿದೆ. ಮಕ್ಕಳ ಮೇಲಿನ ದೌರ್ಜನ್ಯ, ನಿಂದನೆ ಅಪರಾಧ ತಡೆದು ಮಕ್ಕಳಿಗೆ ಉಚಿತ ಮತ್ತು ಕಡ್ಡಾಯ ಶಿಕ್ಷಣ ನೀಡಬೇಕು ಎಂದು ಡಾನ್ ಬಾಸ್ಕೋ ಸಂಸ್ಥೆಯ ಸಂಯೋಜಕ ಹಿರೇನಾಯ್ಕ್ ಹೇಳಿದರು. ಪಟ್ಟಣದಲ್ಲಿ ನಡೆದ ಕಾರ್ಯಕ್ರಮದಲ್ಲಿ ಮಾತನಾಡಿದರು. ದತ್ತು ಮತ್ತು ಪೋಷಕತ್ವದ ಬಗ್ಗೆ ಅರಿವು ಮೂಡಿಸಲಾಯಿತು. ಬಾಲ್ಯವಿವಾಹ ತಡೆಗಟ್ಟುವ ಕುರಿತು ಜಾಗೃತಿ ಮೂಡಿಸಲಾಯಿತು. ಮಕ್ಕಳ ರಕ್ಷಣಾ ಘಟಕದ ಅಧಿಕಾರಿಗಳು, ಶಿಕ್ಷಕರು ಹಾಗೂ ಪೋಷಕರು ಉಪಸ್ಥಿತರಿದ್ದರು.
ಮಕ್ಕಳ ಆರೋಗ್ಯ, ಶಿಕ್ಷಣ, ಮಕ್ಕಳ ರಕ್ಷಣೆಯ ಹಕ್ಕು, ಸಮಾನತೆಯ ಹಕ್ಕುಗಳು ಮತ್ತು ರಕ್ಷಣೆ ಪ್ರತಿಯೊಬ್ಬ ಮಗುವಿಗೂ ಸುರಕ್ಷಿತ, ಆರೋಗ್ಯಕರ ಮತ್ತು ಸಮಾನ ಅವಕಾಶಗಳೊಂದಿಗೆ ಬೆಳೆಯಲು ಅವಕಾಶ ಕಲ್ಪಿಸುವುದು ನಮ್ಮೆಲ್ಲರ ಆದ್ಯ ಕರ್ತವ್ಯವಾಗಿದೆ. ಮಕ್ಕಳ ಮೇಲಿನ ದೌರ್ಜನ್ಯ, ನಿಂದನೆ ಅಪರಾಧ ತಡೆದು ಮಕ್ಕಳಿಗೆ ಉಚಿತ ಮತ್ತು ಕಡ್ಡಾಯ ಶಿಕ್ಷಣ ನೀಡಬೇಕು ಎಂದು ಡಾನ್ ಬಾಸ್ಕೋ ಸಂಸ್ಥೆಯ ಸಂಯೋಜಕ ಹಿರೇನಾಯ್ಕ್ ಹೇಳಿದರು. ಪಟ್ಟಣದಲ್ಲಿ ನಡೆದ ಕಾರ್ಯಕ್ರಮದಲ್ಲಿ ಮಾತನಾಡಿದರು. ದತ್ತು ಮತ್ತು ಪೋಷಕತ್ವದ ಬಗ್ಗೆ ಅರಿವು ಮೂಡಿಸಲಾಯಿತು. ಬಾಲ್ಯವಿವಾಹ ತಡೆಗಟ್ಟುವ ಕುರಿತು ಜಾಗೃತಿ ಮೂಡಿಸಲಾಯಿತು. ಮಕ್ಕಳ ರಕ್ಷಣಾ ಘಟಕದ ಅಧಿಕಾರಿಗಳು, ಶಿಕ್ಷಕರು ಹಾಗೂ ಪೋಷಕರು ಉಪಸ್ಥಿತರಿದ್ದರು.
ಅಧಿಕಾರಿಗಳೊಂದಿಗೆ ರಸ್ತೆ ಸಮಸ್ಯೆ ಚರ್ಚಿಸಿದ ಶಾಸಕ
ರಾಜ್ಯ ಹೆದ್ದಾರಿ ಅಭಿವೃದ್ಧಿ ಕಾಮಗಾರಿ ಪರಿಶೀಲನೆ
• ಮಲೇಬೆನ್ನೂರು: ಪಟ್ಟಣದ ಹೃದಯ ಭಾಗದಲ್ಲಿ ಹಾದು ಹೋಗಿರುವ ರಾಜ್ಯ ಹೆದ್ದಾರಿ-25ರ 1 ಕಿ.ಮೀ ರಸ್ತೆ ಕಾಮಗಾರಿಯನ್ನು ಪರಿಶೀಲಿಸಲು ಕರ್ನಾಟಕ ರಸ್ತೆ ಅಭಿವೃದ್ಧಿ ನಿಗಮದ ಸೂಪರಿಂಟೆಂಡಿಂಗ್ ಎಂಜಿನಿಯರ್ ಸುಪ್ರಿಯಾ, ಎಇಇ ಮರಿಸ್ವಾಮಿ ಸ್ಥಳಕ್ಕೆ ಬಂದ ವೇಳೆ ಶಾಸಕ ಬಿ.ಪಿ. ಹರೀಶ್ ಚರ್ಚೆ ನಡೆಸಿದರು. ಪಟ್ಟಣದ ಮಧ್ಯಭಾಗದ 1 ಕಿ.ಮೀ ರಸ್ತೆಯನ್ನು ಆಗಲದ 2 ಪಥದ ರಸ್ತೆ 3 ಕೋಟಿ ವೆಚ್ಚದಲ್ಲಿ ನಿರ್ಮಾಣವಾಗಲಿದೆ. ಕಾಮಗಾರಿಯನ್ನು ಗುಣಮಟ್ಟದಿಂದ ನಿರ್ವಹಿಸಬೇಕು ಎಂದು ಸೂಚಿಸಿದರು. ಪುರಸಭೆ ಸದಸ್ಯರು, ಮುಖಂಡರು ಹಾಗೂ ನಾಗರಿಕರು ಇದ್ದರು.
ಪಟ್ಟಣದ ಹೃದಯ ಭಾಗದಲ್ಲಿ ಹಾದು ಹೋಗಿರುವ ರಾಜ್ಯ ಹೆದ್ದಾರಿ-25ರ 1 ಕಿ.ಮೀ ರಸ್ತೆ ಕಾಮಗಾರಿಯನ್ನು ಪರಿಶೀಲಿಸಲು ಕರ್ನಾಟಕ ರಸ್ತೆ ಅಭಿವೃದ್ಧಿ ನಿಗಮದ ಸೂಪರಿಂಟೆಂಡಿಂಗ್ ಎಂಜಿನಿಯರ್ ಸುಪ್ರಿಯಾ, ಎಇಇ ಮರಿಸ್ವಾಮಿ ಸ್ಥಳಕ್ಕೆ ಬಂದ ವೇಳೆ ಶಾಸಕ ಬಿ.ಪಿ. ಹರೀಶ್ ಚರ್ಚೆ ನಡೆಸಿದರು. ಪಟ್ಟಣದ ಮಧ್ಯಭಾಗದ 1 ಕಿ.ಮೀ ರಸ್ತೆಯನ್ನು ಆಗಲದ 2 ಪಥದ ರಸ್ತೆ 3 ಕೋಟಿ ವೆಚ್ಚದಲ್ಲಿ ನಿರ್ಮಾಣವಾಗಲಿದೆ. ಕಾಮಗಾರಿಯನ್ನು ಗುಣಮಟ್ಟದಿಂದ ನಿರ್ವಹಿಸಬೇಕು ಎಂದು ಸೂಚಿಸಿದರು. ಪುರಸಭೆ ಸದಸ್ಯರು, ಮುಖಂಡರು ಹಾಗೂ ನಾಗರಿಕರು ಇದ್ದರು.
